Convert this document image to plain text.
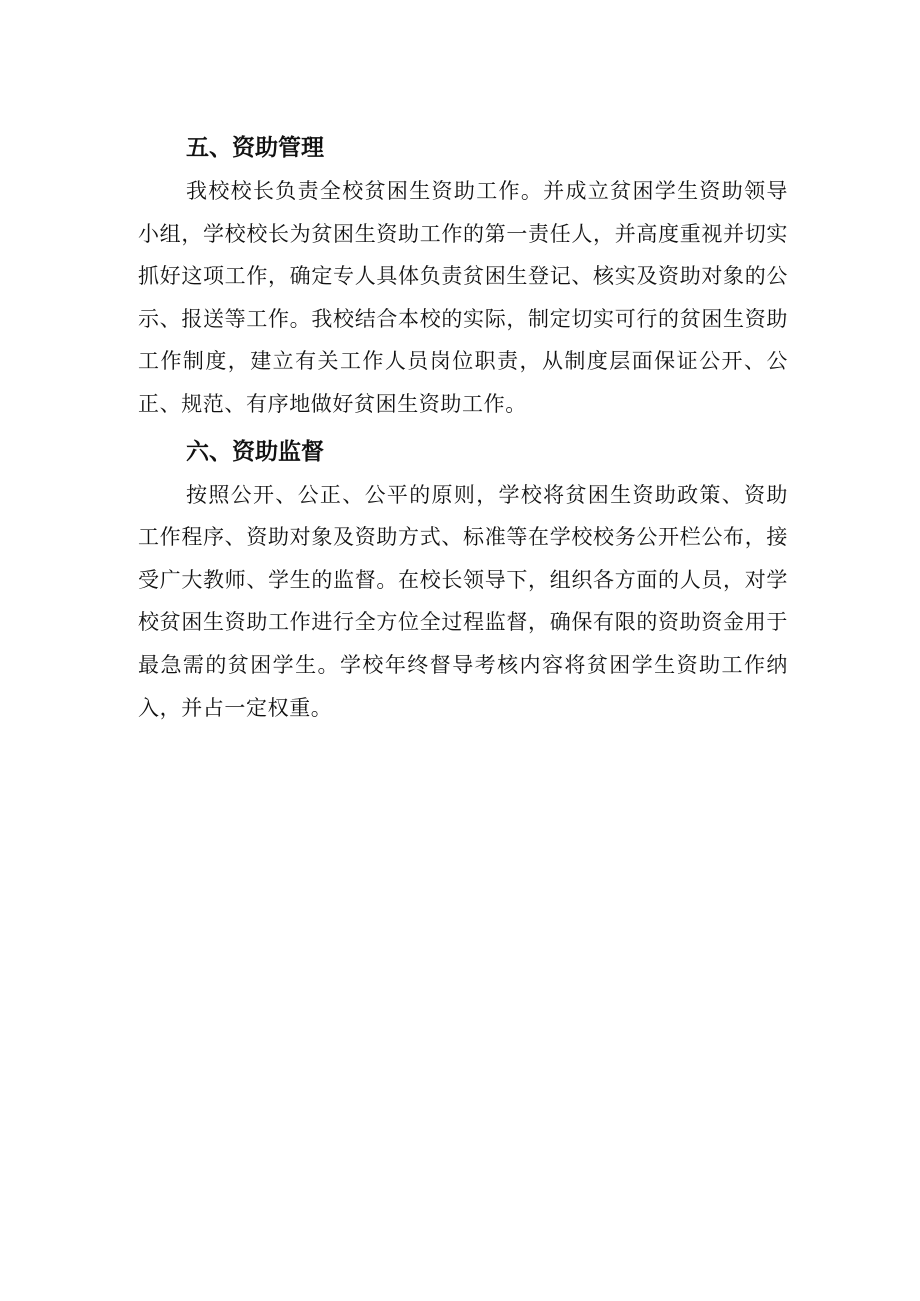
五、资助管理

我校校长负责全校贫困生资助工作。并成立贫困学生资助领导小组，学校校长为贫困生资助工作的第一责任人，并高度重视并切实抓好这项工作，确定专人具体负责贫困生登记、核实及资助对象的公示、报送等工作。我校结合本校的实际，制定切实可行的贫困生资助工作制度，建立有关工作人员岗位职责，从制度层面保证公开、公正、规范、有序地做好贫困生资助工作。

六、资助监督

按照公开、公正、公平的原则，学校将贫困生资助政策、资助工作程序、资助对象及资助方式、标准等在学校校务公开栏公布，接受广大教师、学生的监督。在校长领导下，组织各方面的人员，对学校贫困生资助工作进行全方位全过程监督，确保有限的资助资金用于最急需的贫困学生。学校年终督导考核内容将贫困学生资助工作纳入，并占一定权重。
